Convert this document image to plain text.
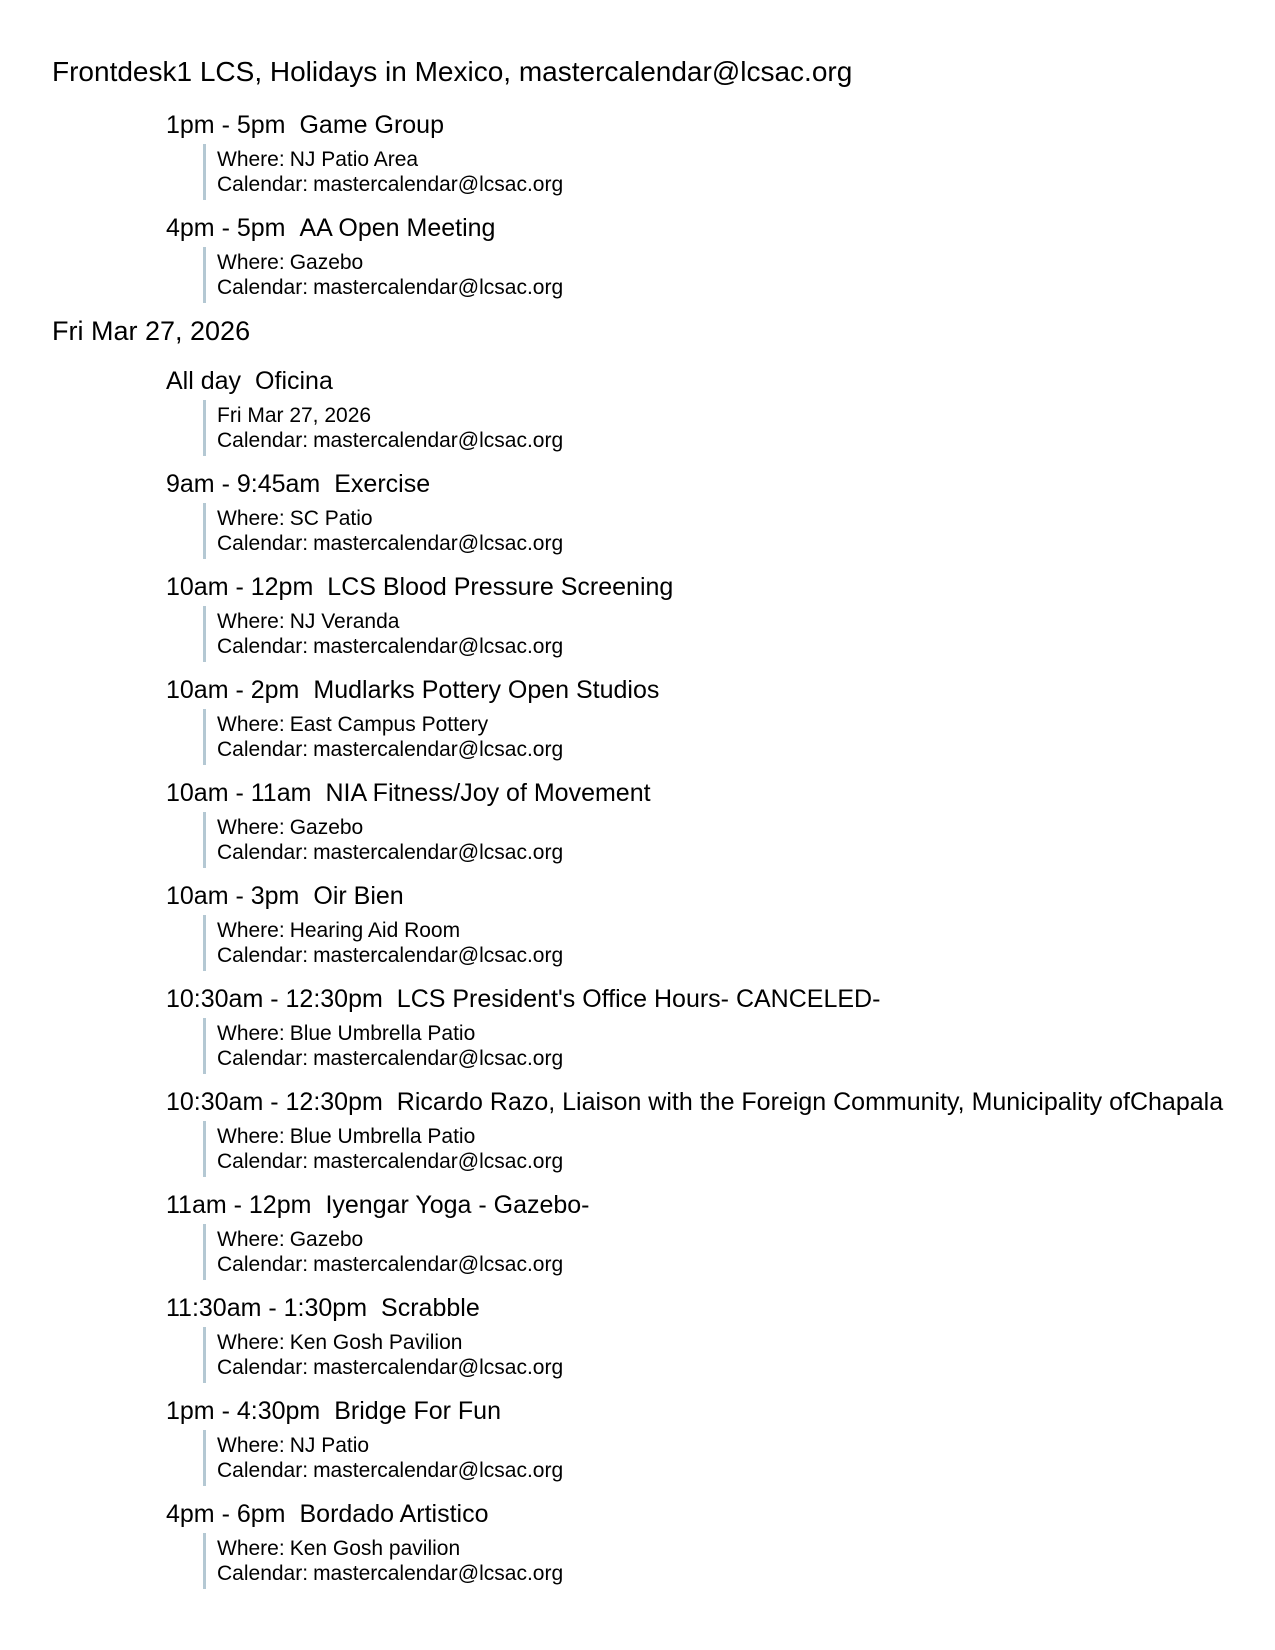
Frontdesk1 LCS, Holidays in Mexico, mastercalendar@lcsac.org
1pm - 5pm Game Group
Where: NJ Patio Area
Calendar: mastercalendar@lcsac.org
4pm - 5pm AA Open Meeting
Where: Gazebo
Calendar: mastercalendar@lcsac.org
Fri Mar 27, 2026
All day Oficina
Fri Mar 27, 2026
Calendar: mastercalendar@lcsac.org
9am - 9:45am Exercise
Where: SC Patio
Calendar: mastercalendar@lcsac.org
10am - 12pm LCS Blood Pressure Screening
Where: NJ Veranda
Calendar: mastercalendar@lcsac.org
10am - 2pm Mudlarks Pottery Open Studios
Where: East Campus Pottery
Calendar: mastercalendar@lcsac.org
10am - 11am NIA Fitness/Joy of Movement
Where: Gazebo
Calendar: mastercalendar@lcsac.org
10am - 3pm Oir Bien
Where: Hearing Aid Room
Calendar: mastercalendar@lcsac.org
10:30am - 12:30pm LCS President's Office Hours- CANCELED-
Where: Blue Umbrella Patio
Calendar: mastercalendar@lcsac.org
10:30am - 12:30pm Ricardo Razo, Liaison with the Foreign Community, Municipality ofChapala
Where: Blue Umbrella Patio
Calendar: mastercalendar@lcsac.org
11am - 12pm Iyengar Yoga - Gazebo-
Where: Gazebo
Calendar: mastercalendar@lcsac.org
11:30am - 1:30pm Scrabble
Where: Ken Gosh Pavilion
Calendar: mastercalendar@lcsac.org
1pm - 4:30pm Bridge For Fun
Where: NJ Patio
Calendar: mastercalendar@lcsac.org
4pm - 6pm Bordado Artistico
Where: Ken Gosh pavilion
Calendar: mastercalendar@lcsac.org
